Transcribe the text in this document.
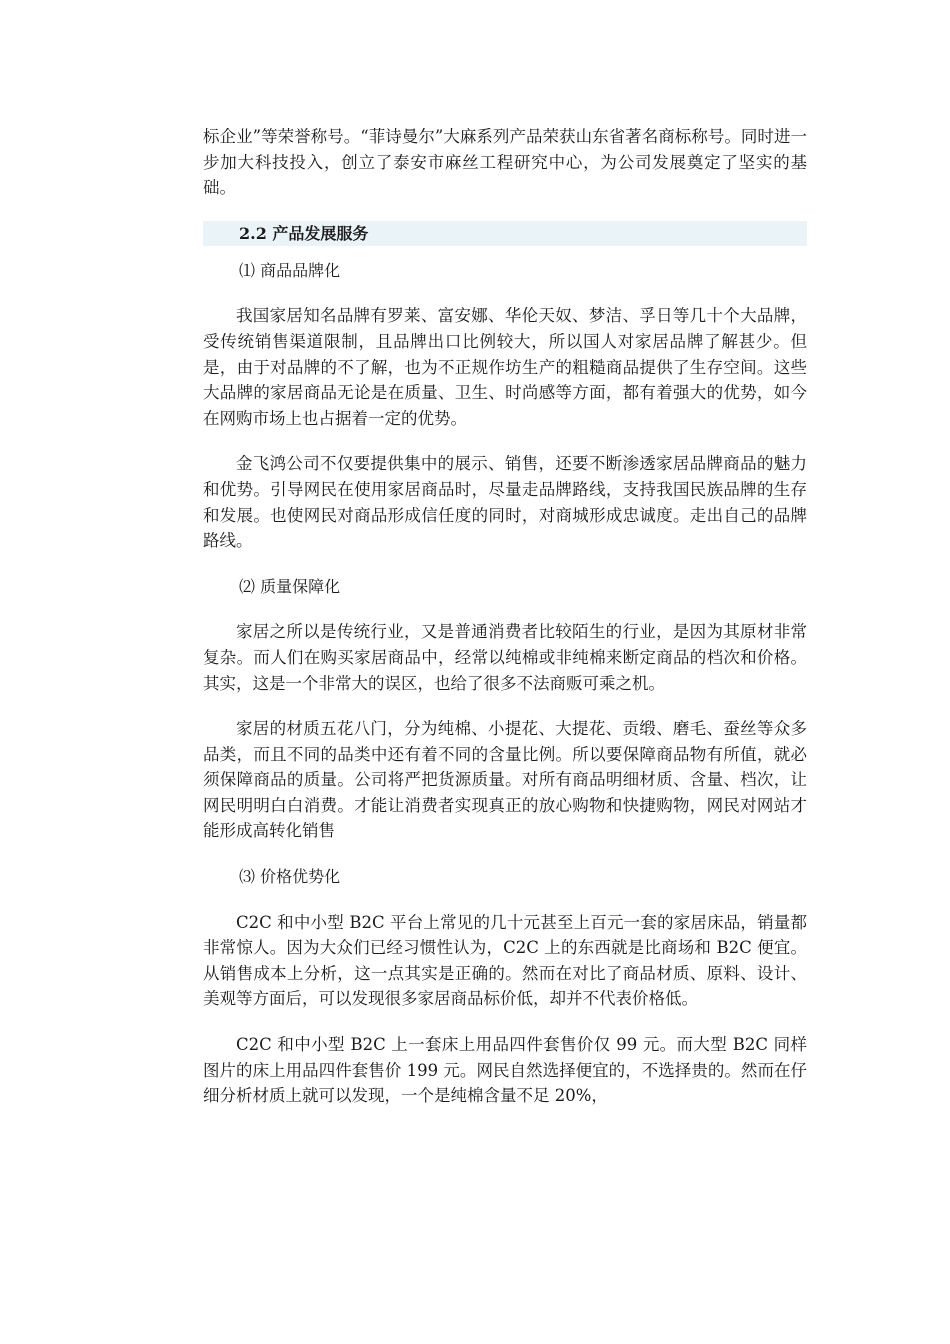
标企业”等荣誉称号。“菲诗曼尔”大麻系列产品荣获山东省著名商标称号。同时进一步加大科技投入，创立了泰安市麻丝工程研究中心，为公司发展奠定了坚实的基础。

2.2 产品发展服务

⑴ 商品品牌化

我国家居知名品牌有罗莱、富安娜、华伦天奴、梦洁、孚日等几十个大品牌，受传统销售渠道限制，且品牌出口比例较大，所以国人对家居品牌了解甚少。但是，由于对品牌的不了解，也为不正规作坊生产的粗糙商品提供了生存空间。这些大品牌的家居商品无论是在质量、卫生、时尚感等方面，都有着强大的优势，如今在网购市场上也占据着一定的优势。

金飞鸿公司不仅要提供集中的展示、销售，还要不断渗透家居品牌商品的魅力和优势。引导网民在使用家居商品时，尽量走品牌路线，支持我国民族品牌的生存和发展。也使网民对商品形成信任度的同时，对商城形成忠诚度。走出自己的品牌路线。

⑵ 质量保障化

家居之所以是传统行业，又是普通消费者比较陌生的行业，是因为其原材非常复杂。而人们在购买家居商品中，经常以纯棉或非纯棉来断定商品的档次和价格。其实，这是一个非常大的误区，也给了很多不法商贩可乘之机。

家居的材质五花八门，分为纯棉、小提花、大提花、贡缎、磨毛、蚕丝等众多品类，而且不同的品类中还有着不同的含量比例。所以要保障商品物有所值，就必须保障商品的质量。公司将严把货源质量。对所有商品明细材质、含量、档次，让网民明明白白消费。才能让消费者实现真正的放心购物和快捷购物，网民对网站才能形成高转化销售

⑶ 价格优势化

C2C 和中小型 B2C 平台上常见的几十元甚至上百元一套的家居床品，销量都非常惊人。因为大众们已经习惯性认为，C2C 上的东西就是比商场和 B2C 便宜。从销售成本上分析，这一点其实是正确的。然而在对比了商品材质、原料、设计、美观等方面后，可以发现很多家居商品标价低，却并不代表价格低。

C2C 和中小型 B2C 上一套床上用品四件套售价仅 99 元。而大型 B2C 同样图片的床上用品四件套售价 199 元。网民自然选择便宜的，不选择贵的。然而在仔细分析材质上就可以发现，一个是纯棉含量不足 20%，
